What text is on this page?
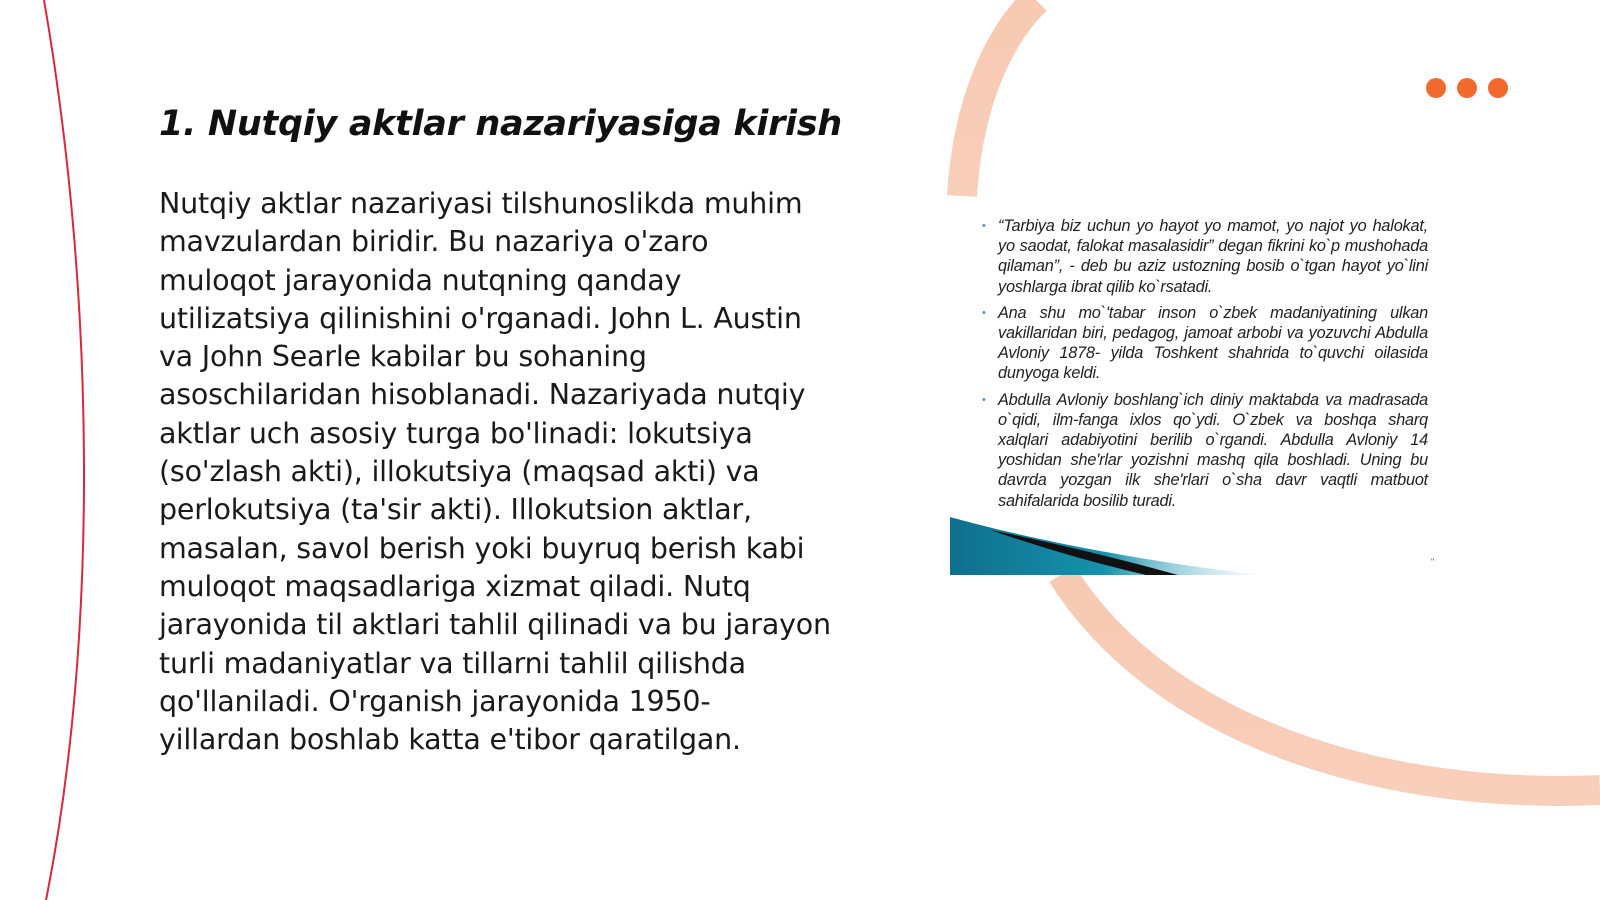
1. Nutqiy aktlar nazariyasiga kirish

Nutqiy aktlar nazariyasi tilshunoslikda muhim mavzulardan biridir. Bu nazariya o'zaro muloqot jarayonida nutqning qanday utilizatsiya qilinishini o'rganadi. John L. Austin va John Searle kabilar bu sohaning asoschilaridan hisoblanadi. Nazariyada nutqiy aktlar uch asosiy turga bo'linadi: lokutsiya (so'zlash akti), illokutsiya (maqsad akti) va perlokutsiya (ta'sir akti). Illokutsion aktlar, masalan, savol berish yoki buyruq berish kabi muloqot maqsadlariga xizmat qiladi. Nutq jarayonida til aktlari tahlil qilinadi va bu jarayon turli madaniyatlar va tillarni tahlil qilishda qo'llaniladi. O'rganish jarayonida 1950-yillardan boshlab katta e'tibor qaratilgan.

• “Tarbiya biz uchun yo hayot yo mamot, yo najot yo halokat, yo saodat, falokat masalasidir” degan fikrini ko`p mushohada qilaman”, - deb bu aziz ustozning bosib o`tgan hayot yo`lini yoshlarga ibrat qilib ko`rsatadi.
• Ana shu mo`'tabar inson o`zbek madaniyatining ulkan vakillaridan biri, pedagog, jamoat arbobi va yozuvchi Abdulla Avloniy 1878- yilda Toshkent shahrida to`quvchi oilasida dunyoga keldi.
• Abdulla Avloniy boshlang`ich diniy maktabda va madrasada o`qidi, ilm-fanga ixlos qo`ydi. O`zbek va boshqa sharq xalqlari adabiyotini berilib o`rgandi. Abdulla Avloniy 14 yoshidan she'rlar yozishni mashq qila boshladi. Uning bu davrda yozgan ilk she'rlari o`sha davr vaqtli matbuot sahifalarida bosilib turadi.
"
